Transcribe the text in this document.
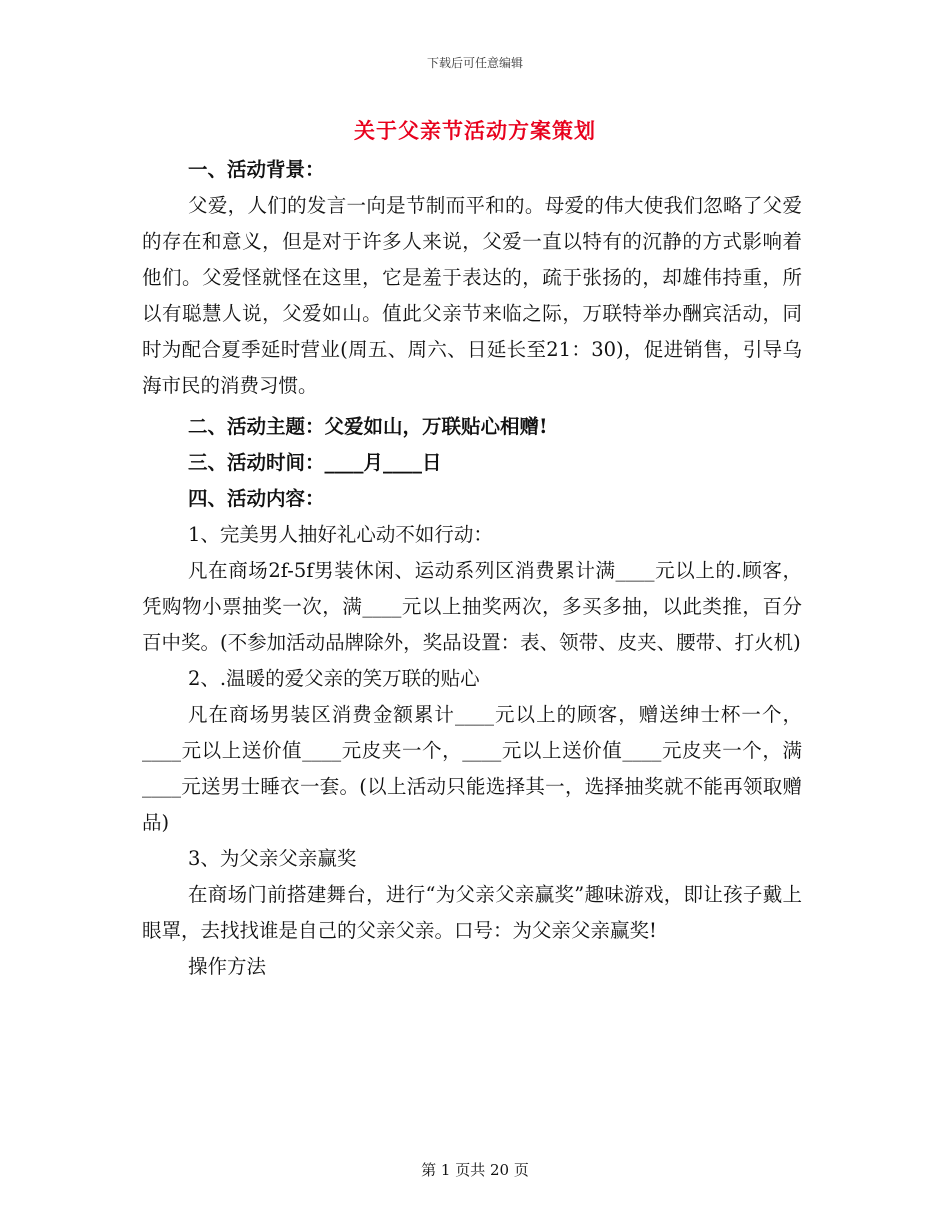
下载后可任意编辑
关于父亲节活动方案策划

一、活动背景：

父爱，人们的发言一向是节制而平和的。母爱的伟大使我们忽略了父爱的存在和意义，但是对于许多人来说，父爱一直以特有的沉静的方式影响着他们。父爱怪就怪在这里，它是羞于表达的，疏于张扬的，却雄伟持重，所以有聪慧人说，父爱如山。值此父亲节来临之际，万联特举办酬宾活动，同时为配合夏季延时营业(周五、周六、日延长至21：30)，促进销售，引导乌海市民的消费习惯。

二、活动主题：父爱如山，万联贴心相赠!

三、活动时间：____月____日

四、活动内容：

1、完美男人抽好礼心动不如行动：

凡在商场2f-5f男装休闲、运动系列区消费累计满____元以上的.顾客，凭购物小票抽奖一次，满____元以上抽奖两次，多买多抽，以此类推，百分百中奖。(不参加活动品牌除外，奖品设置：表、领带、皮夹、腰带、打火机)

2、.温暖的爱父亲的笑万联的贴心

凡在商场男装区消费金额累计____元以上的顾客，赠送绅士杯一个，____元以上送价值____元皮夹一个，____元以上送价值____元皮夹一个，满____元送男士睡衣一套。(以上活动只能选择其一，选择抽奖就不能再领取赠品)

3、为父亲父亲赢奖

在商场门前搭建舞台，进行“为父亲父亲赢奖”趣味游戏，即让孩子戴上眼罩，去找找谁是自己的父亲父亲。口号：为父亲父亲赢奖!

操作方法

第 1 页共 20 页
